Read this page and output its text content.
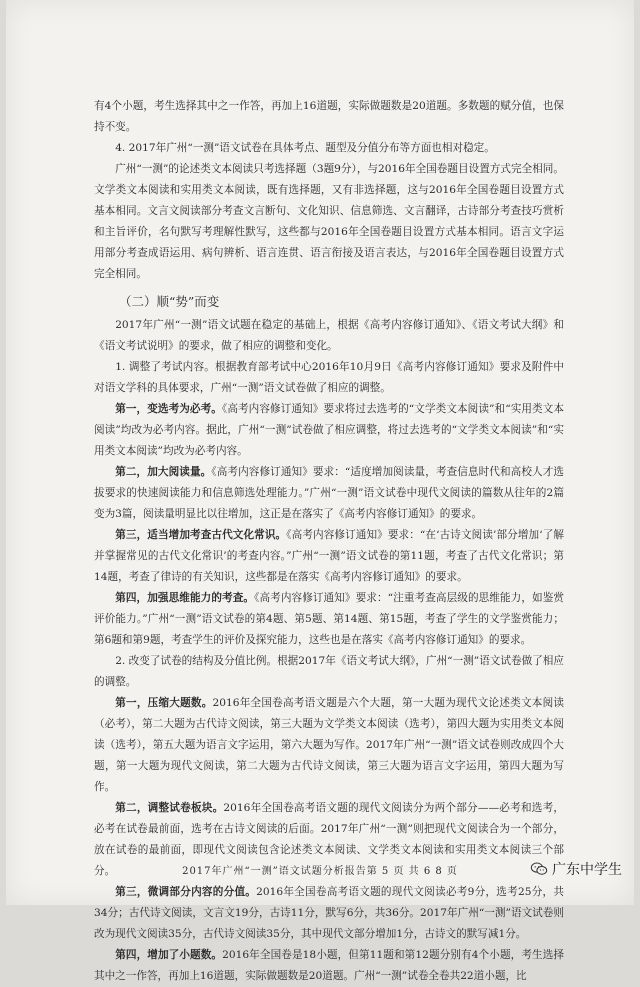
有4个小题，考生选择其中之一作答，再加上16道题，实际做题数是20道题。多数题的赋分值，也保持不变。

4. 2017年广州“一测”语文试卷在具体考点、题型及分值分布等方面也相对稳定。

广州“一测”的论述类文本阅读只考选择题（3题9分），与2016年全国卷题目设置方式完全相同。文学类文本阅读和实用类文本阅读，既有选择题，又有非选择题，这与2016年全国卷题目设置方式基本相同。文言文阅读部分考查文言断句、文化知识、信息筛选、文言翻译，古诗部分考查技巧赏析和主旨评价，名句默写考理解性默写，这些都与2016年全国卷题目设置方式基本相同。语言文字运用部分考查成语运用、病句辨析、语言连贯、语言衔接及语言表达，与2016年全国卷题目设置方式完全相同。

（二）顺“势”而变

2017年广州“一测”语文试题在稳定的基础上，根据《高考内容修订通知》、《语文考试大纲》和《语文考试说明》的要求，做了相应的调整和变化。

1. 调整了考试内容。根据教育部考试中心2016年10月9日《高考内容修订通知》要求及附件中对语文学科的具体要求，广州“一测”语文试卷做了相应的调整。

第一，变选考为必考。《高考内容修订通知》要求将过去选考的“文学类文本阅读”和“实用类文本阅读”均改为必考内容。据此，广州“一测”试卷做了相应调整，将过去选考的“文学类文本阅读”和“实用类文本阅读”均改为必考内容。

第二，加大阅读量。《高考内容修订通知》要求：“适度增加阅读量，考查信息时代和高校人才选拔要求的快速阅读能力和信息筛选处理能力。”广州“一测”语文试卷中现代文阅读的篇数从往年的2篇变为3篇，阅读量明显比以往增加，这正是在落实了《高考内容修订通知》的要求。

第三，适当增加考查古代文化常识。《高考内容修订通知》要求：“在‘古诗文阅读’部分增加‘了解并掌握常见的古代文化常识’的考查内容。”广州“一测”语文试卷的第11题，考查了古代文化常识；第14题，考查了律诗的有关知识，这些都是在落实《高考内容修订通知》的要求。

第四，加强思维能力的考查。《高考内容修订通知》要求：“注重考查高层级的思维能力，如鉴赏评价能力。”广州“一测”语文试卷的第4题、第5题、第14题、第15题，考查了学生的文学鉴赏能力；第6题和第9题，考查学生的评价及探究能力，这些也是在落实《高考内容修订通知》的要求。

2. 改变了试卷的结构及分值比例。根据2017年《语文考试大纲》，广州“一测”语文试卷做了相应的调整。

第一，压缩大题数。2016年全国卷高考语文题是六个大题，第一大题为现代文论述类文本阅读（必考），第二大题为古代诗文阅读，第三大题为文学类文本阅读（选考），第四大题为实用类文本阅读（选考），第五大题为语言文字运用，第六大题为写作。2017年广州“一测”语文试卷则改成四个大题，第一大题为现代文阅读，第二大题为古代诗文阅读，第三大题为语言文字运用，第四大题为写作。

第二，调整试卷板块。2016年全国卷高考语文题的现代文阅读分为两个部分——必考和选考，必考在试卷最前面，选考在古诗文阅读的后面。2017年广州“一测”则把现代文阅读合为一个部分，放在试卷的最前面，即现代文阅读包含论述类文本阅读、文学类文本阅读和实用类文本阅读三个部分。

第三，微调部分内容的分值。2016年全国卷高考语文题的现代文阅读必考9分，选考25分，共34分；古代诗文阅读，文言文19分，古诗11分，默写6分，共36分。2017年广州“一测”语文试卷则改为现代文阅读35分，古代诗文阅读35分，其中现代文部分增加1分，古诗文的默写减1分。

第四，增加了小题数。2016年全国卷是18小题，但第11题和第12题分别有4个小题，考生选择其中之一作答，再加上16道题，实际做题数是20道题。广州“一测”试卷全卷共22道小题，比

2017年广州“一测”语文试题分析报告第 5 页 共 6 8 页	广东中学生
